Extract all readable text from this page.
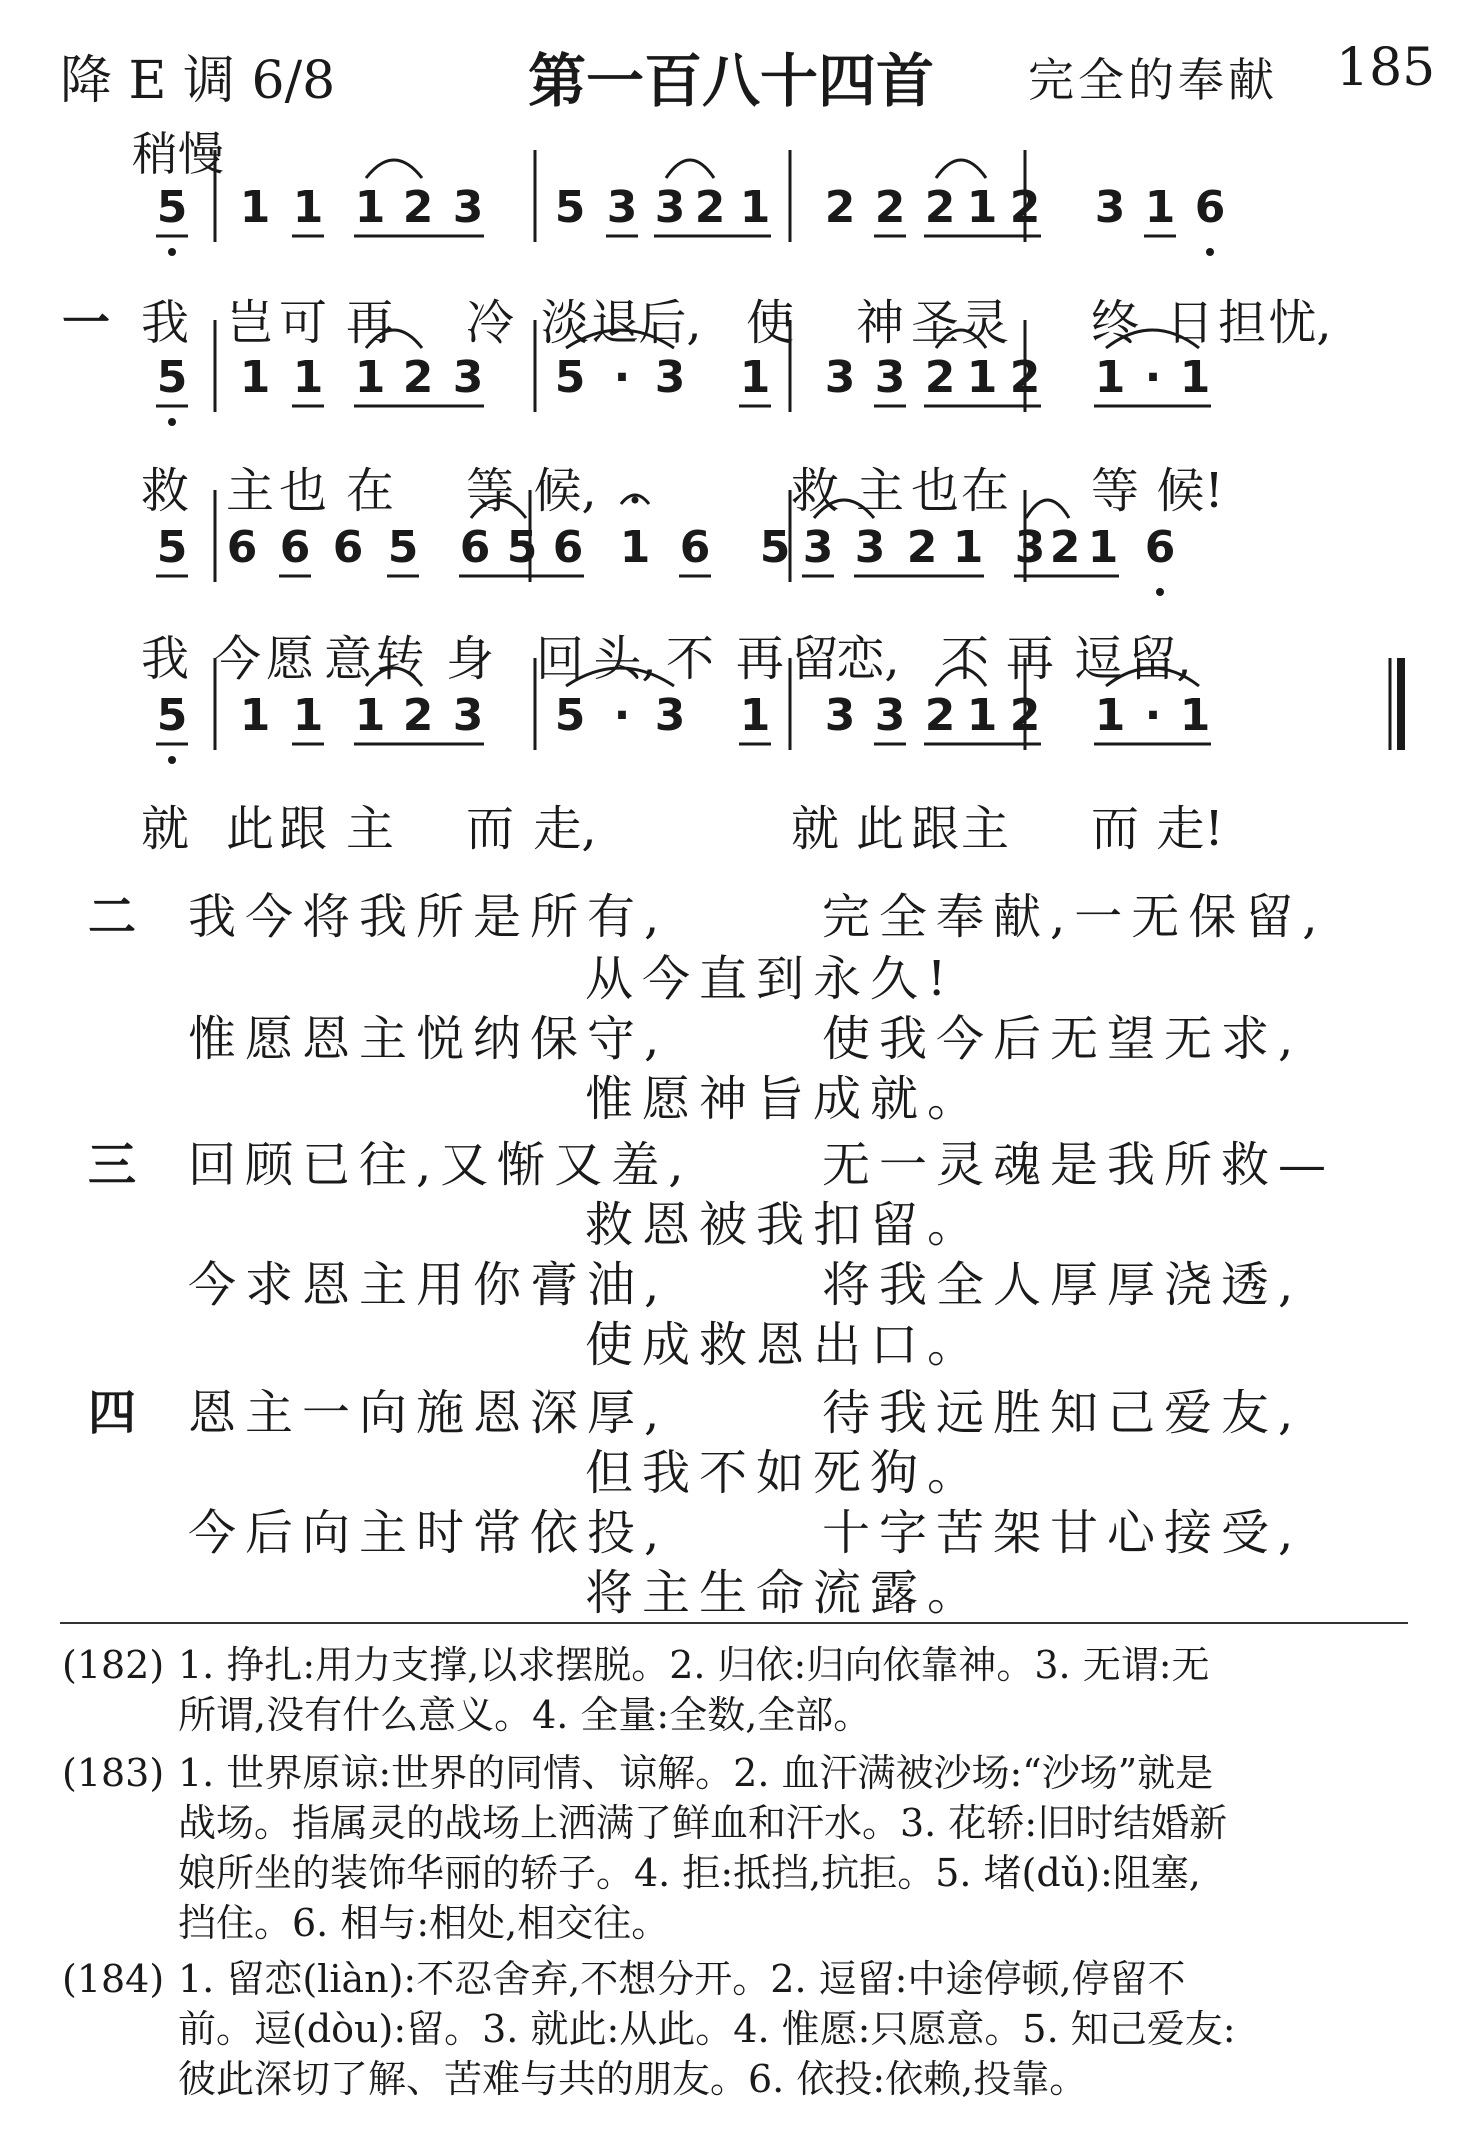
降 E 调 6/8	第一百八十四首 完全的奉献 185
稍慢
5 1 1 1 2 3 5 3 3 2 1 2 2 2 1 2 3 1 6
我 岂 可 再 冷 淡 退 后, 使 神 圣 灵 终 日 担 忧,
5 1 1 1 2 3 5 · 3 1 3 3 2 1 2 1 · 1
救 主 也 在 等 候,	救 主 也 在 等 候!
5 6 6 6 5 6 5 6 1 6 5 3 3 2 1 3 2 1 6
我 今 愿 意 转 身 回 头, 不 再 留
恋, 不 再 逗 留,
5 1 1 1 2 3 5 · 3 1 3 3 2 1 2 1 · 1
就 此 跟 主 而 走,	就 此 跟 主 而 走!
一
二 我今将我所是所有,	完全奉献,一无保留,
从今直到永久!
惟愿恩主悦纳保守,	使我今后无望无求,
惟愿神旨成就。
三 回顾已往,又惭又羞,	无一灵魂是我所救—
救恩被我扣留。
今求恩主用你膏油,	将我全人厚厚浇透,
使成救恩出口。
四 恩主一向施恩深厚,	待我远胜知己爱友,
但我不如死狗。
今后向主时常依投,	十字苦架甘心接受,
将主生命流露。
(182) 1. 挣扎:用力支撑,以求摆脱。2. 归依:归向依靠神。3. 无谓:无
所谓,没有什么意义。4. 全量:全数,全部。
(183) 1. 世界原谅:世界的同情、谅解。2. 血汗满被沙场:“沙场”就是
战场。指属灵的战场上洒满了鲜血和汗水。3. 花轿:旧时结婚新
娘所坐的装饰华丽的轿子。4. 拒:抵挡,抗拒。5. 堵(dǔ):阻塞,
挡住。6. 相与:相处,相交往。
(184) 1. 留恋(liàn):不忍舍弃,不想分开。2. 逗留:中途停顿,停留不
前。逗(dòu):留。3. 就此:从此。4. 惟愿:只愿意。5. 知己爱友:
彼此深切了解、苦难与共的朋友。6. 依投:依赖,投靠。
